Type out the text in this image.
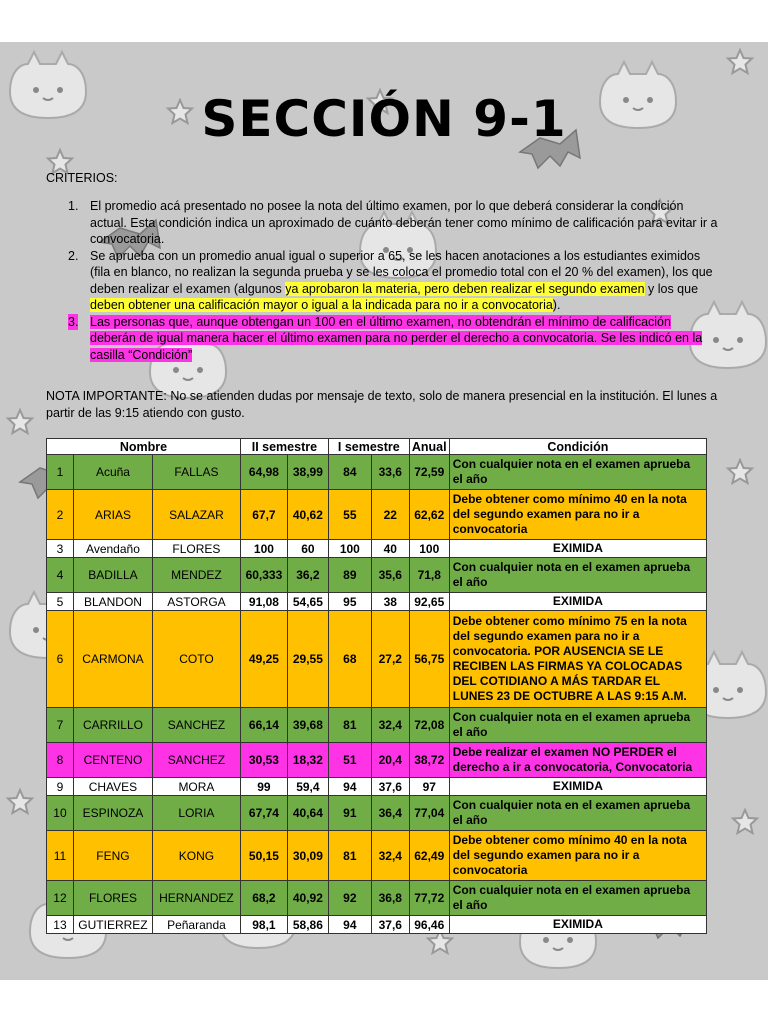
SECCIÓN 9-1
CRITERIOS:
1. El promedio acá presentado no posee la nota del último examen, por lo que deberá considerar la condición actual. Esta condición indica un aproximado de cuánto deberán tener como mínimo de calificación para evitar ir a convocatoria.
2. Se aprueba con un promedio anual igual o superior a 65, se les hacen anotaciones a los estudiantes eximidos (fila en blanco, no realizan la segunda prueba y se les coloca el promedio total con el 20 % del examen), los que deben realizar el examen (algunos ya aprobaron la materia, pero deben realizar el segundo examen y los que deben obtener una calificación mayor o igual a la indicada para no ir a convocatoria).
3. Las personas que, aunque obtengan un 100 en el último examen, no obtendrán el mínimo de calificación deberán de igual manera hacer el último examen para no perder el derecho a convocatoria. Se les indicó en la casilla “Condición”
NOTA IMPORTANTE: No se atienden dudas por mensaje de texto, solo de manera presencial en la institución. El lunes a partir de las 9:15 atiendo con gusto.
Nombre			II semestre		I semestre		Anual	Condición
1	Acuña	FALLAS	64,98	38,99	84	33,6	72,59	Con cualquier nota en el examen aprueba el año
2	ARIAS	SALAZAR	67,7	40,62	55	22	62,62	Debe obtener como mínimo 40 en la nota del segundo examen para no ir a convocatoria
3	Avendaño	FLORES	100	60	100	40	100	EXIMIDA
4	BADILLA	MENDEZ	60,333	36,2	89	35,6	71,8	Con cualquier nota en el examen aprueba el año
5	BLANDON	ASTORGA	91,08	54,65	95	38	92,65	EXIMIDA
6	CARMONA	COTO	49,25	29,55	68	27,2	56,75	Debe obtener como mínimo 75 en la nota del segundo examen para no ir a convocatoria. POR AUSENCIA SE LE RECIBEN LAS FIRMAS YA COLOCADAS DEL COTIDIANO A MÁS TARDAR EL LUNES 23 DE OCTUBRE A LAS 9:15 A.M.
7	CARRILLO	SANCHEZ	66,14	39,68	81	32,4	72,08	Con cualquier nota en el examen aprueba el año
8	CENTENO	SANCHEZ	30,53	18,32	51	20,4	38,72	Debe realizar el examen NO PERDER el derecho a ir a convocatoria, Convocatoria
9	CHAVES	MORA	99	59,4	94	37,6	97	EXIMIDA
10	ESPINOZA	LORIA	67,74	40,64	91	36,4	77,04	Con cualquier nota en el examen aprueba el año
11	FENG	KONG	50,15	30,09	81	32,4	62,49	Debe obtener como mínimo 40 en la nota del segundo examen para no ir a convocatoria
12	FLORES	HERNANDEZ	68,2	40,92	92	36,8	77,72	Con cualquier nota en el examen aprueba el año
13	GUTIERREZ	Peñaranda	98,1	58,86	94	37,6	96,46	EXIMIDA
